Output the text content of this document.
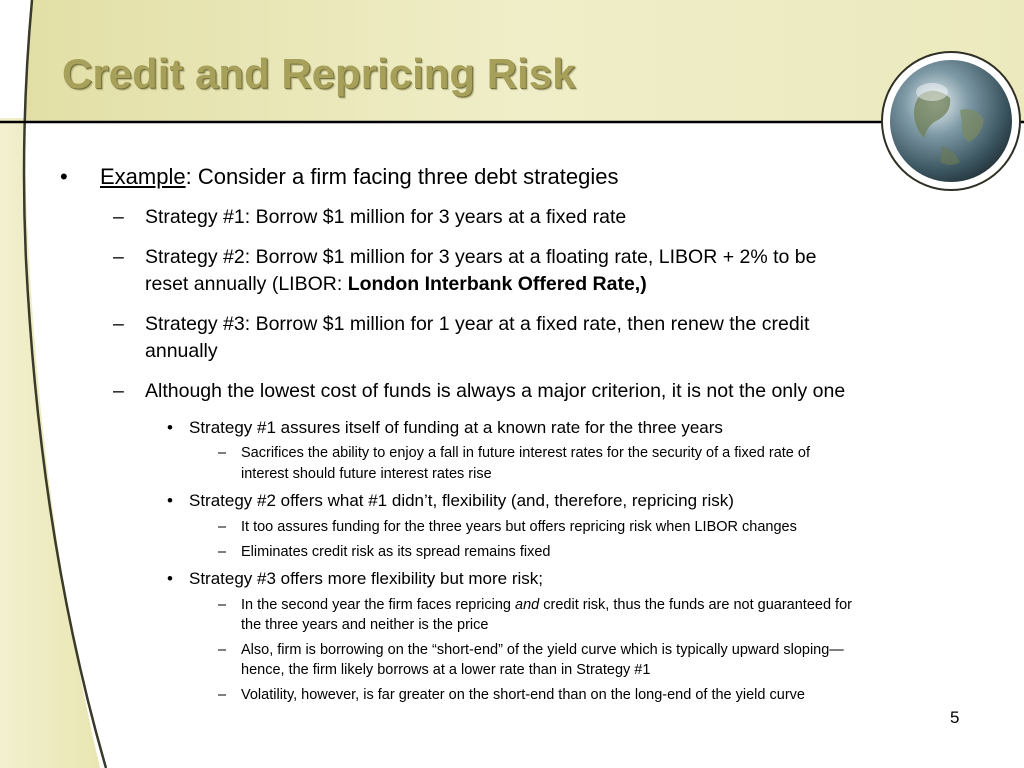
Credit and Repricing Risk
• Example: Consider a firm facing three debt strategies
– Strategy #1: Borrow $1 million for 3 years at a fixed rate
– Strategy #2: Borrow $1 million for 3 years at a floating rate, LIBOR + 2% to be
reset annually (LIBOR: London Interbank Offered Rate,)
– Strategy #3: Borrow $1 million for 1 year at a fixed rate, then renew the credit
annually
– Although the lowest cost of funds is always a major criterion, it is not the only one
• Strategy #1 assures itself of funding at a known rate for the three years
– Sacrifices the ability to enjoy a fall in future interest rates for the security of a fixed rate of
interest should future interest rates rise
• Strategy #2 offers what #1 didn’t, flexibility (and, therefore, repricing risk)
– It too assures funding for the three years but offers repricing risk when LIBOR changes
– Eliminates credit risk as its spread remains fixed
• Strategy #3 offers more flexibility but more risk;
– In the second year the firm faces repricing and credit risk, thus the funds are not guaranteed for
the three years and neither is the price
– Also, firm is borrowing on the “short-end” of the yield curve which is typically upward sloping—
hence, the firm likely borrows at a lower rate than in Strategy #1
– Volatility, however, is far greater on the short-end than on the long-end of the yield curve
5
